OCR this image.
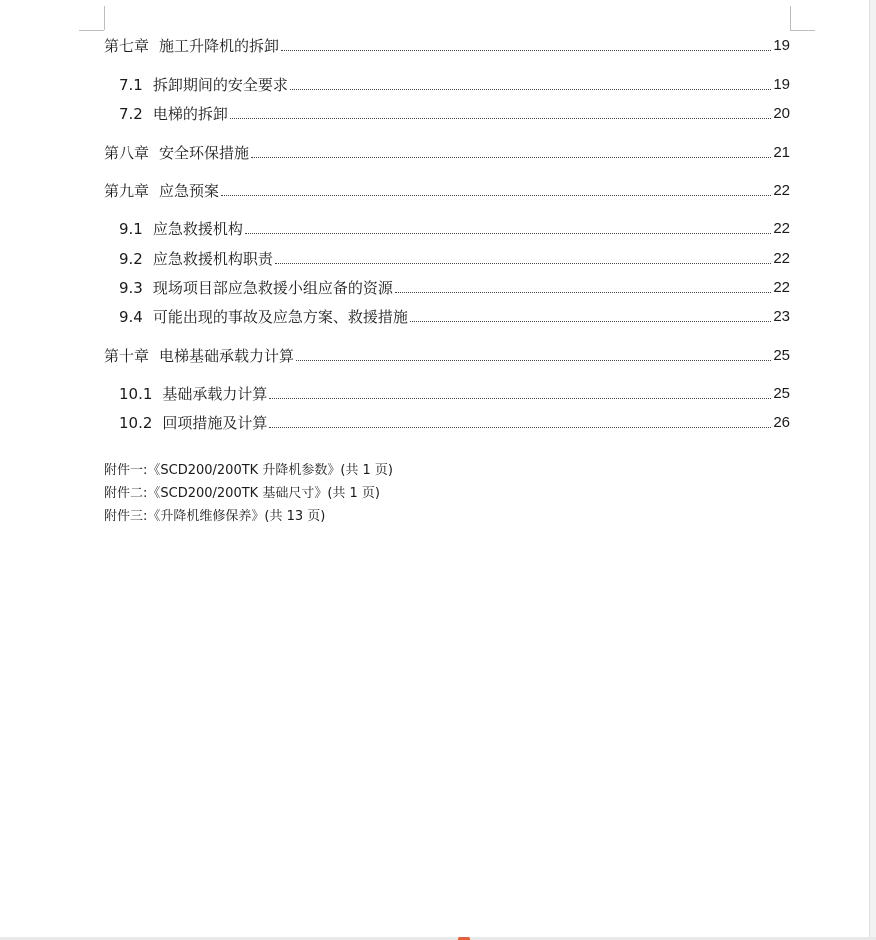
第七章 施工升降机的拆卸	19
7.1 拆卸期间的安全要求	19
7.2 电梯的拆卸	20
第八章 安全环保措施	21
第九章 应急预案	22
9.1 应急救援机构	22
9.2 应急救援机构职责	22
9.3 现场项目部应急救援小组应备的资源	22
9.4 可能出现的事故及应急方案、救援措施	23
第十章 电梯基础承载力计算	25
10.1 基础承载力计算	25
10.2 回项措施及计算	26
附件一:《SCD200/200TK 升降机参数》(共 1 页)
附件二:《SCD200/200TK 基础尺寸》(共 1 页)
附件三:《升降机维修保养》(共 13 页)
